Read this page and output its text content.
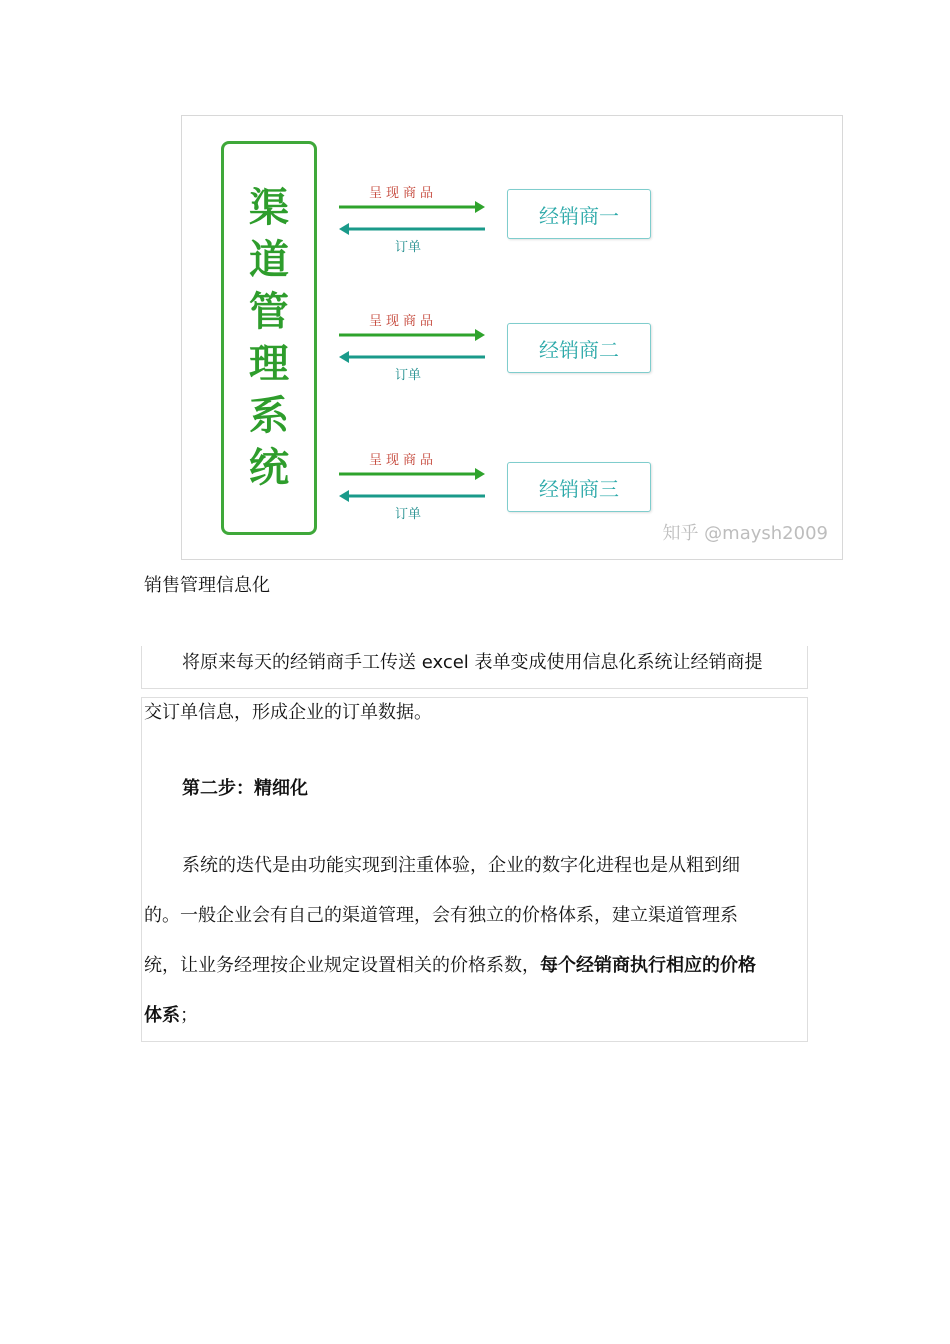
渠
道
管
理
系
统
呈现商品
订单
经销商一
呈现商品
订单
经销商二
呈现商品
订单
经销商三
知乎 @maysh2009
销售管理信息化
将原来每天的经销商手工传送 excel 表单变成使用信息化系统让经销商提
交订单信息，形成企业的订单数据。
第二步：精细化
系统的迭代是由功能实现到注重体验，企业的数字化进程也是从粗到细
的。一般企业会有自己的渠道管理，会有独立的价格体系，建立渠道管理系
统，让业务经理按企业规定设置相关的价格系数，每个经销商执行相应的价格
体系；
